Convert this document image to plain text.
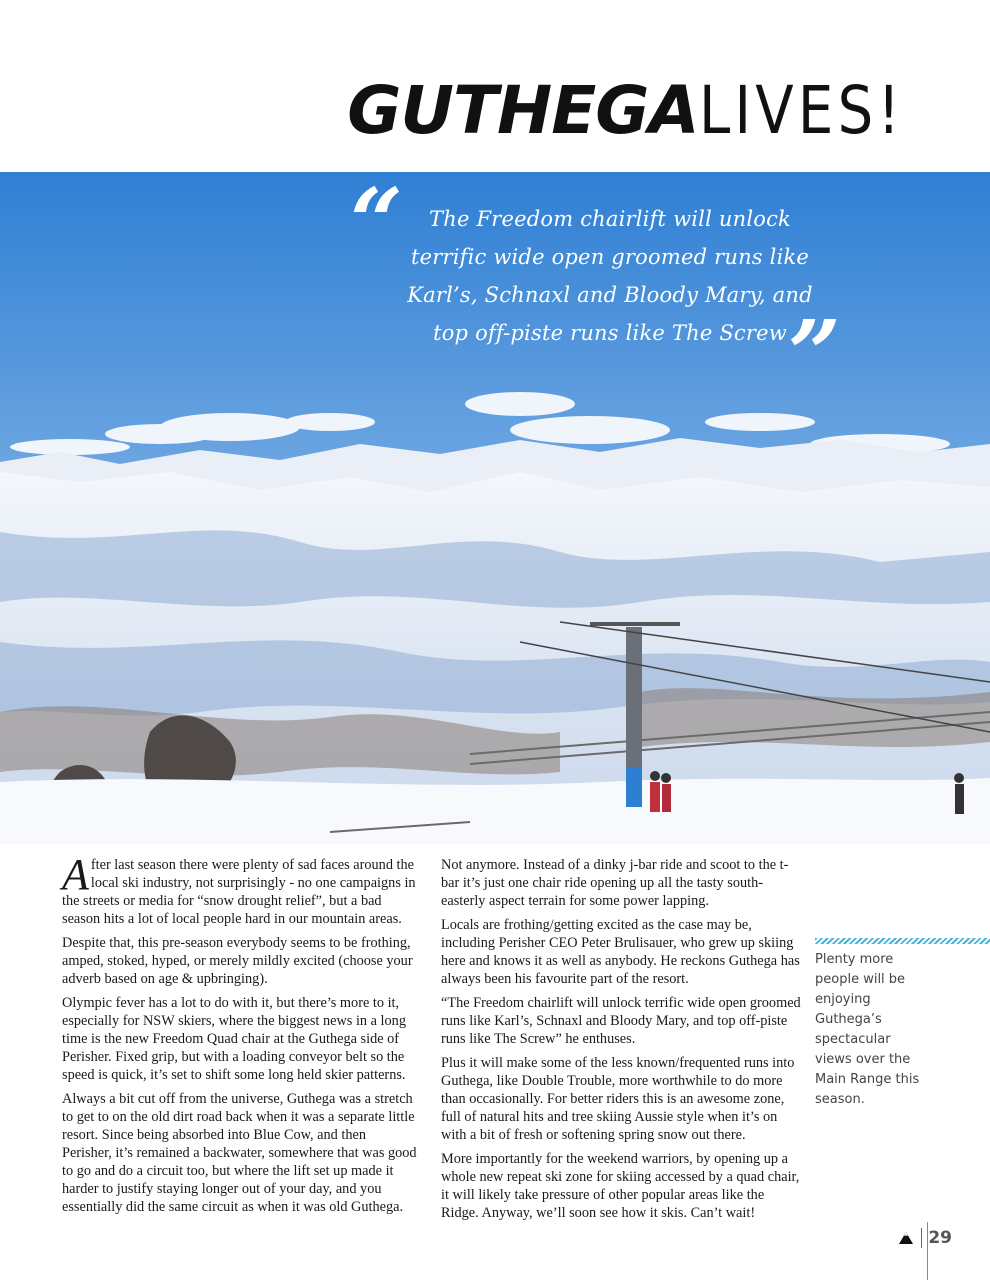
GUTHEGALIVES!
“	The Freedom chairlift will unlock terrific wide open groomed runs like Karl’s, Schnaxl and Bloody Mary, and top off-piste runs like The Screw ”

After last season there were plenty of sad faces around the local ski industry, not surprisingly - no one campaigns in the streets or media for “snow drought relief”, but a bad season hits a lot of local people hard in our mountain areas.

Despite that, this pre-season everybody seems to be frothing, amped, stoked, hyped, or merely mildly excited (choose your adverb based on age & upbringing).

Olympic fever has a lot to do with it, but there’s more to it, especially for NSW skiers, where the biggest news in a long time is the new Freedom Quad chair at the Guthega side of Perisher. Fixed grip, but with a loading conveyor belt so the speed is quick, it’s set to shift some long held skier patterns.

Always a bit cut off from the universe, Guthega was a stretch to get to on the old dirt road back when it was a separate little resort. Since being absorbed into Blue Cow, and then Perisher, it’s remained a backwater, somewhere that was good to go and do a circuit too, but where the lift set up made it harder to justify staying longer out of your day, and you essentially did the same circuit as when it was old Guthega.

Not anymore. Instead of a dinky j-bar ride and scoot to the t-bar it’s just one chair ride opening up all the tasty south-easterly aspect terrain for some power lapping.

Locals are frothing/getting excited as the case may be, including Perisher CEO Peter Brulisauer, who grew up skiing here and knows it as well as anybody. He reckons Guthega has always been his favourite part of the resort.

“The Freedom chairlift will unlock terrific wide open groomed runs like Karl’s, Schnaxl and Bloody Mary, and top off-piste runs like The Screw” he enthuses.

Plus it will make some of the less known/frequented runs into Guthega, like Double Trouble, more worthwhile to do more than occasionally. For better riders this is an awesome zone, full of natural hits and tree skiing Aussie style when it’s on with a bit of fresh or softening spring snow out there.

More importantly for the weekend warriors, by opening up a whole new repeat ski zone for skiing accessed by a quad chair, it will likely take pressure of other popular areas like the Ridge. Anyway, we’ll soon see how it skis. Can’t wait!

Plenty more people will be enjoying Guthega’s spectacular views over the Main Range this season.
29
